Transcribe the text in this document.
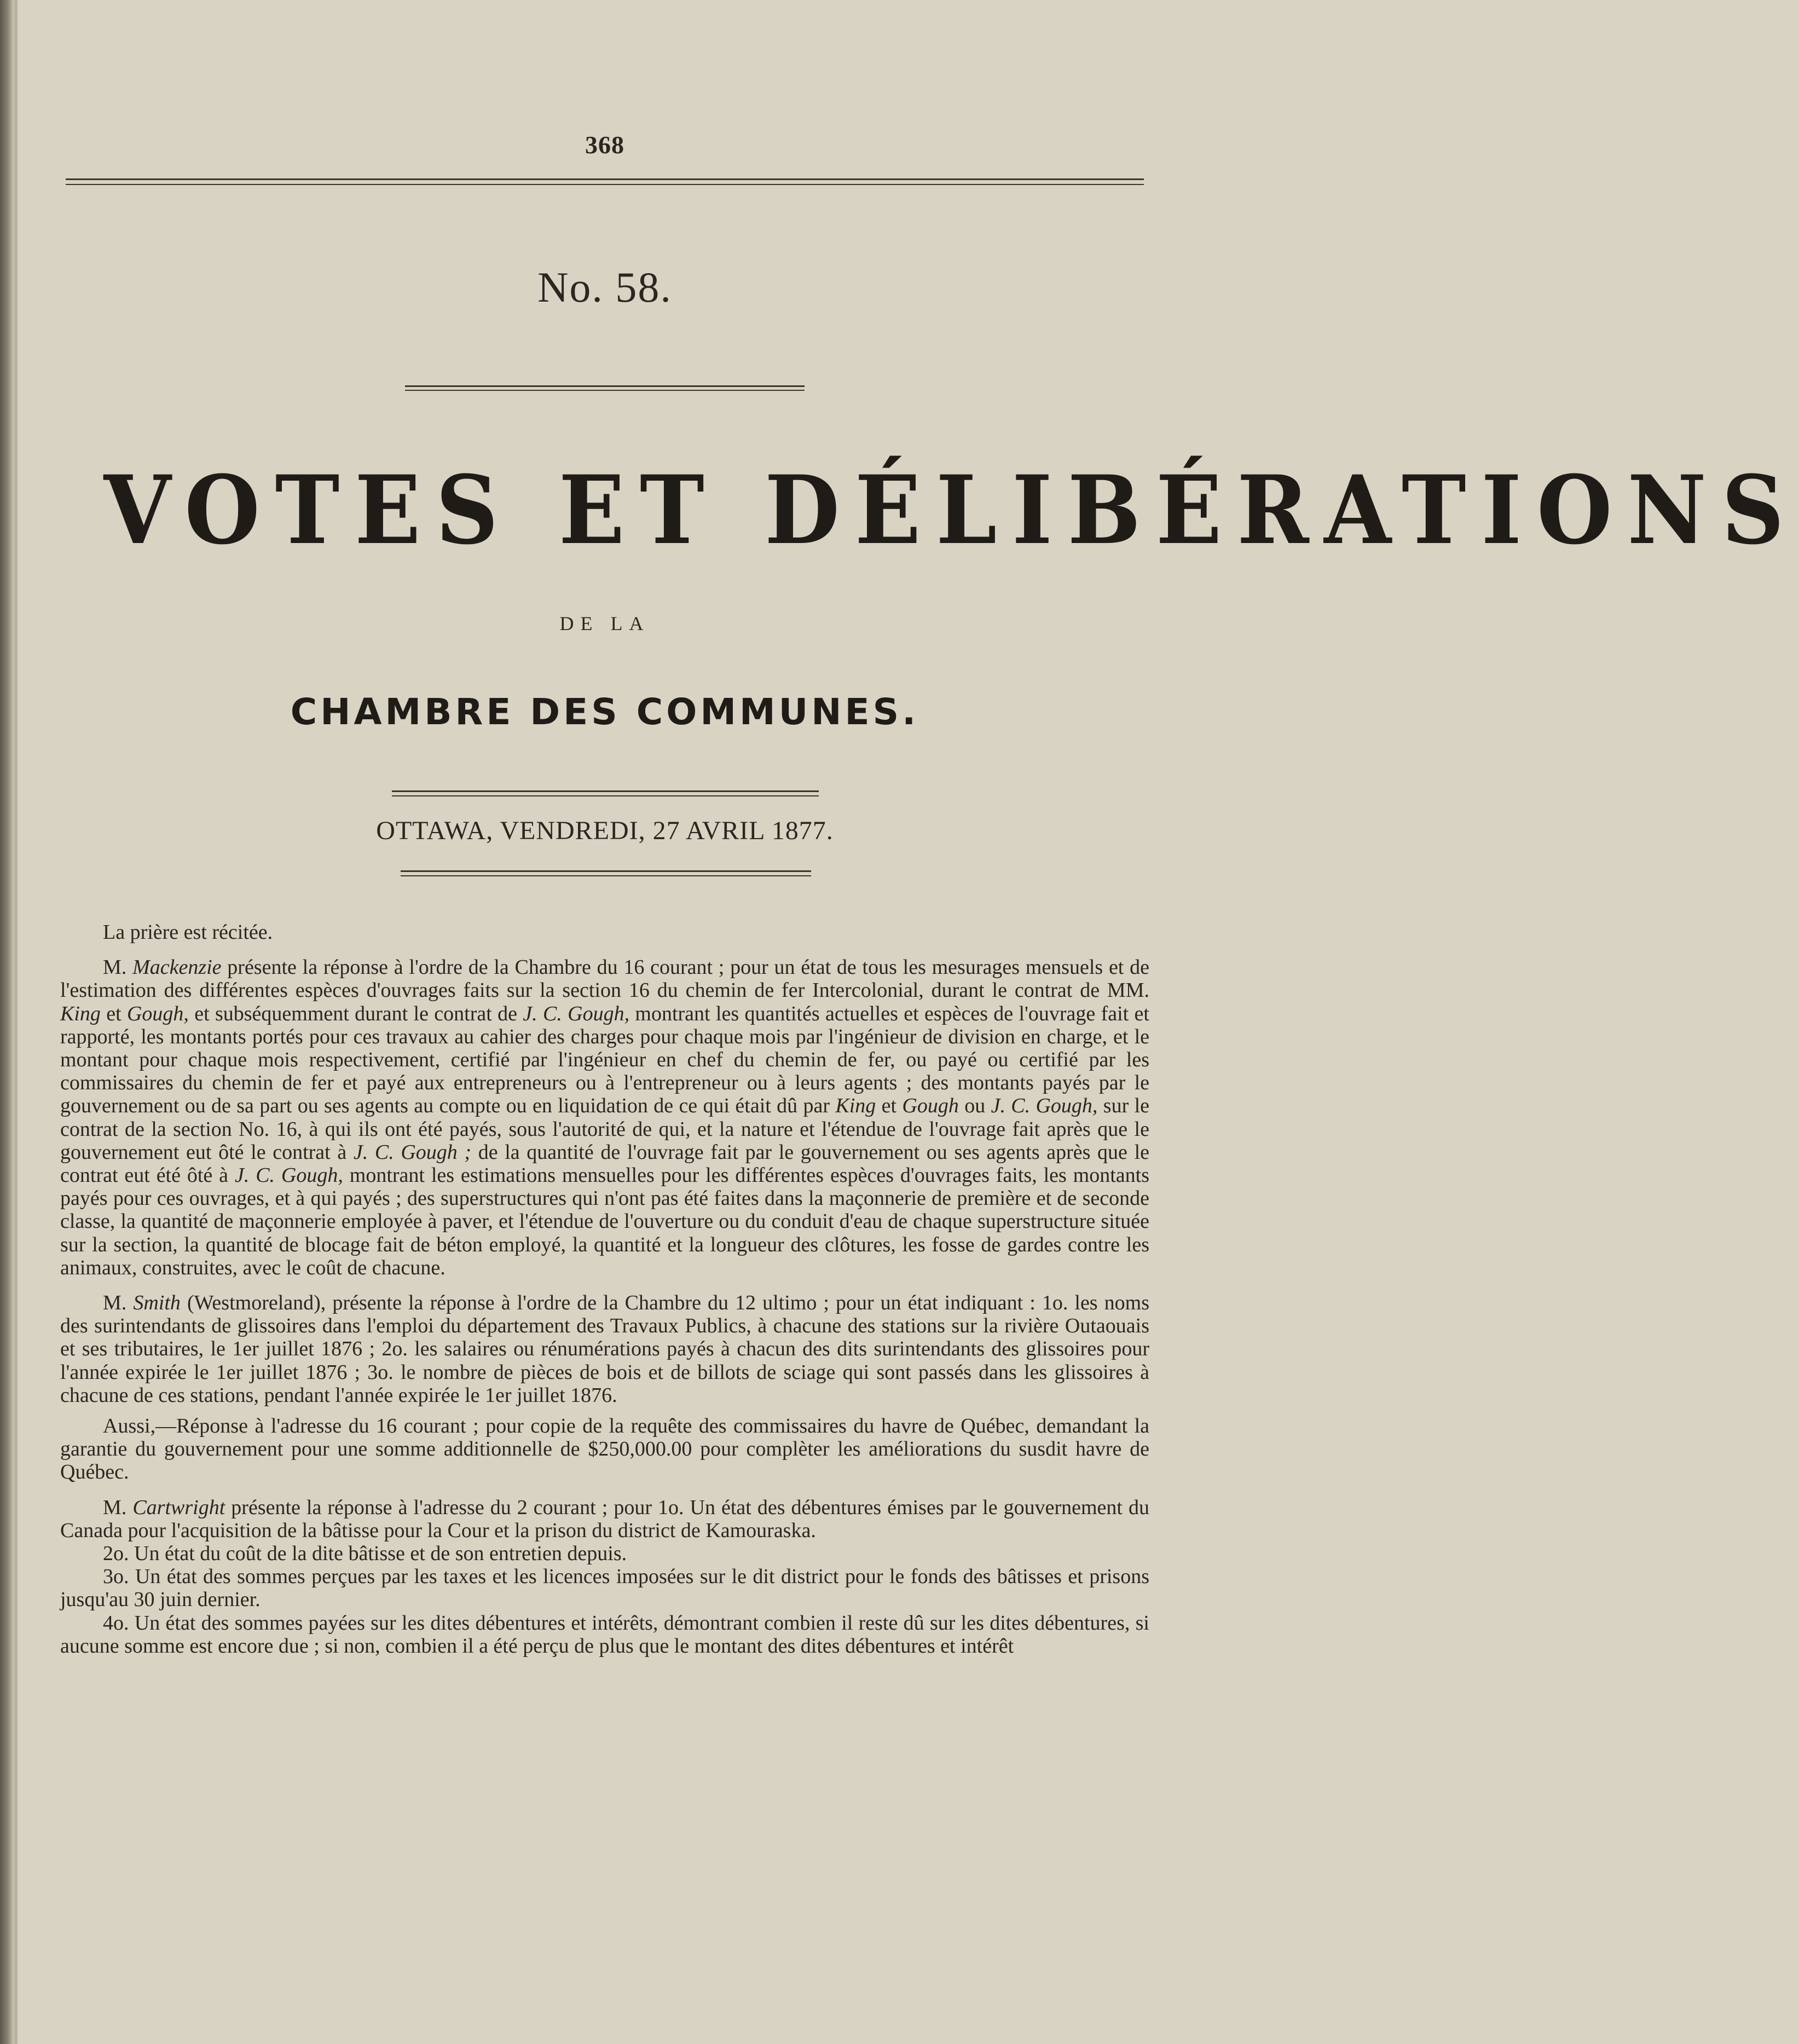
368
No. 58.
VOTES ET DÉLIBÉRATIONS
DE LA
CHAMBRE DES COMMUNES.
OTTAWA, VENDREDI, 27 AVRIL 1877.

La prière est récitée.

M. Mackenzie présente la réponse à l'ordre de la Chambre du 16 courant ; pour un état de tous les mesurages mensuels et de l'estimation des différentes espèces d'ouvrages faits sur la section 16 du chemin de fer Intercolonial, durant le contrat de MM. King et Gough, et subséquemment durant le contrat de J. C. Gough, montrant les quantités actuelles et espèces de l'ouvrage fait et rapporté, les montants portés pour ces travaux au cahier des charges pour chaque mois par l'ingénieur de division en charge, et le montant pour chaque mois respectivement, certifié par l'ingénieur en chef du chemin de fer, ou payé ou certifié par les commissaires du chemin de fer et payé aux entrepreneurs ou à l'entrepreneur ou à leurs agents ; des montants payés par le gouvernement ou de sa part ou ses agents au compte ou en liquidation de ce qui était dû par King et Gough ou J. C. Gough, sur le contrat de la section No. 16, à qui ils ont été payés, sous l'autorité de qui, et la nature et l'étendue de l'ouvrage fait après que le gouvernement eut ôté le contrat à J. C. Gough ; de la quantité de l'ouvrage fait par le gouvernement ou ses agents après que le contrat eut été ôté à J. C. Gough, montrant les estimations mensuelles pour les différentes espèces d'ouvrages faits, les montants payés pour ces ouvrages, et à qui payés ; des superstructures qui n'ont pas été faites dans la maçonnerie de première et de seconde classe, la quantité de maçonnerie employée à paver, et l'étendue de l'ouverture ou du conduit d'eau de chaque superstructure située sur la section, la quantité de blocage fait de béton employé, la quantité et la longueur des clôtures, les fosse de gardes contre les animaux, construites, avec le coût de chacune.

M. Smith (Westmoreland), présente la réponse à l'ordre de la Chambre du 12 ultimo ; pour un état indiquant : 1o. les noms des surintendants de glissoires dans l'emploi du département des Travaux Publics, à chacune des stations sur la rivière Outaouais et ses tributaires, le 1er juillet 1876 ; 2o. les salaires ou rénumérations payés à chacun des dits surintendants des glissoires pour l'année expirée le 1er juillet 1876 ; 3o. le nombre de pièces de bois et de billots de sciage qui sont passés dans les glissoires à chacune de ces stations, pendant l'année expirée le 1er juillet 1876.

Aussi,—Réponse à l'adresse du 16 courant ; pour copie de la requête des commissaires du havre de Québec, demandant la garantie du gouvernement pour une somme additionnelle de $250,000.00 pour complèter les améliorations du susdit havre de Québec.

M. Cartwright présente la réponse à l'adresse du 2 courant ; pour 1o. Un état des débentures émises par le gouvernement du Canada pour l'acquisition de la bâtisse pour la Cour et la prison du district de Kamouraska.

2o. Un état du coût de la dite bâtisse et de son entretien depuis.

3o. Un état des sommes perçues par les taxes et les licences imposées sur le dit district pour le fonds des bâtisses et prisons jusqu'au 30 juin dernier.

4o. Un état des sommes payées sur les dites débentures et intérêts, démontrant combien il reste dû sur les dites débentures, si aucune somme est encore due ; si non, combien il a été perçu de plus que le montant des dites débentures et intérêt
